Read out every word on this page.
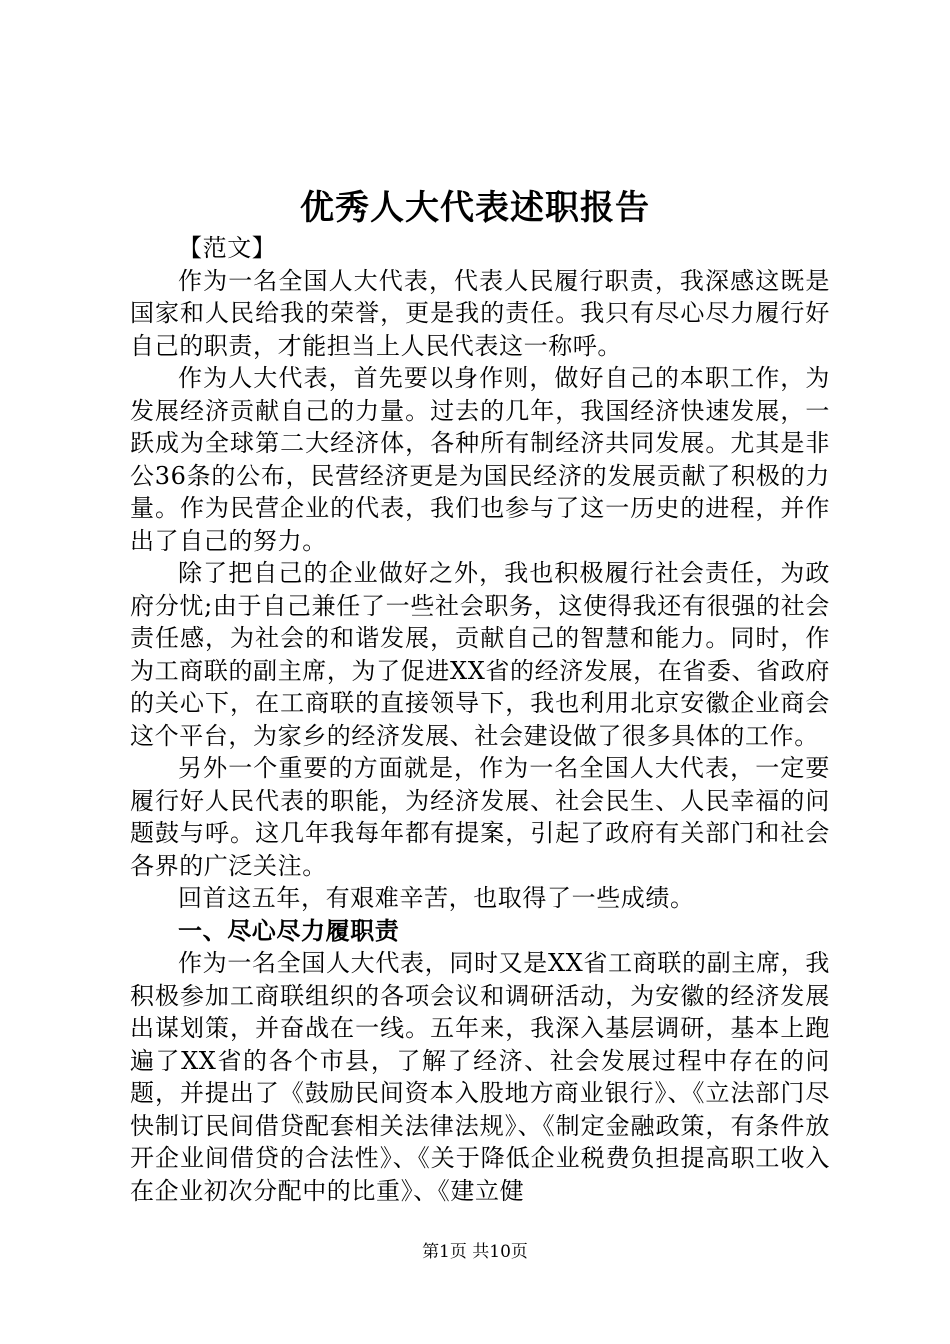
优秀人大代表述职报告

【范文】

作为一名全国人大代表，代表人民履行职责，我深感这既是国家和人民给我的荣誉，更是我的责任。我只有尽心尽力履行好自己的职责，才能担当上人民代表这一称呼。

作为人大代表，首先要以身作则，做好自己的本职工作，为发展经济贡献自己的力量。过去的几年，我国经济快速发展，一跃成为全球第二大经济体，各种所有制经济共同发展。尤其是非公36条的公布，民营经济更是为国民经济的发展贡献了积极的力量。作为民营企业的代表，我们也参与了这一历史的进程，并作出了自己的努力。

除了把自己的企业做好之外，我也积极履行社会责任，为政府分忧;由于自己兼任了一些社会职务，这使得我还有很强的社会责任感，为社会的和谐发展，贡献自己的智慧和能力。同时，作为工商联的副主席，为了促进XX省的经济发展，在省委、省政府的关心下，在工商联的直接领导下，我也利用北京安徽企业商会这个平台，为家乡的经济发展、社会建设做了很多具体的工作。

另外一个重要的方面就是，作为一名全国人大代表，一定要履行好人民代表的职能，为经济发展、社会民生、人民幸福的问题鼓与呼。这几年我每年都有提案，引起了政府有关部门和社会各界的广泛关注。

回首这五年，有艰难辛苦，也取得了一些成绩。

一、尽心尽力履职责

作为一名全国人大代表，同时又是XX省工商联的副主席，我积极参加工商联组织的各项会议和调研活动，为安徽的经济发展出谋划策，并奋战在一线。五年来，我深入基层调研，基本上跑遍了XX省的各个市县，了解了经济、社会发展过程中存在的问题，并提出了《鼓励民间资本入股地方商业银行》、《立法部门尽快制订民间借贷配套相关法律法规》、《制定金融政策，有条件放开企业间借贷的合法性》、《关于降低企业税费负担提高职工收入在企业初次分配中的比重》、《建立健

第1页 共10页
